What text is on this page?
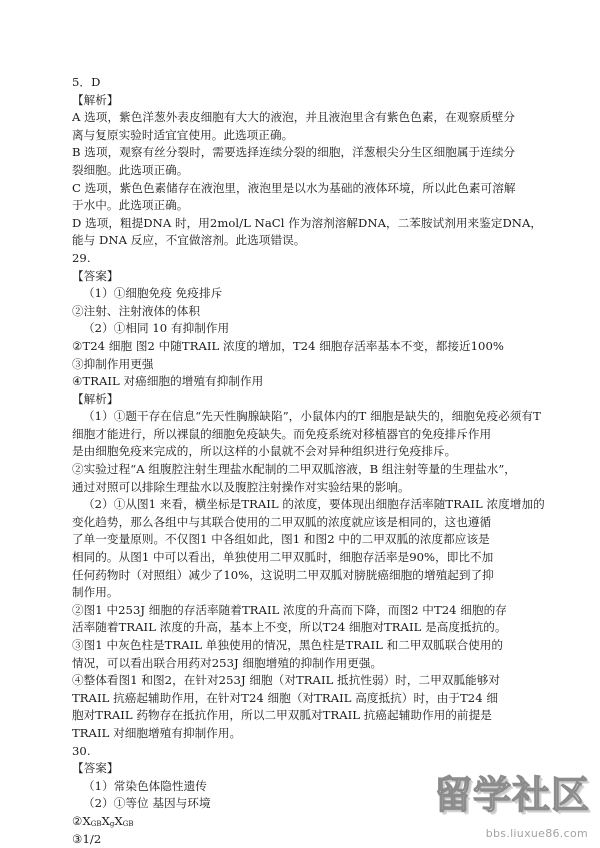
5．D
【解析】
A 选项，紫色洋葱外表皮细胞有大大的液泡，并且液泡里含有紫色色素，在观察质壁分
离与复原实验时适宜宜使用。此选项正确。
B 选项，观察有丝分裂时，需要选择连续分裂的细胞，洋葱根尖分生区细胞属于连续分
裂细胞。此选项正确。
C 选项，紫色色素储存在液泡里，液泡里是以水为基础的液体环境，所以此色素可溶解
于水中。此选项正确。
D 选项，粗提DNA 时，用2mol/L NaCl 作为溶剂溶解DNA，二苯胺试剂用来鉴定DNA，
能与 DNA 反应，不宜做溶剂。此选项错误。
29.
【答案】
（1）①细胞免疫 免疫排斥
②注射、注射液体的体积
（2）①相同 10 有抑制作用
②T24 细胞 图2 中随TRAIL 浓度的增加，T24 细胞存活率基本不变，都接近100%
③抑制作用更强
④TRAIL 对癌细胞的增殖有抑制作用
【解析】
（1）①题干存在信息“先天性胸腺缺陷”，小鼠体内的T 细胞是缺失的，细胞免疫必须有T
细胞才能进行，所以裸鼠的细胞免疫缺失。而免疫系统对移植器官的免疫排斥作用
是由细胞免疫来完成的，所以这样的小鼠就不会对异种组织进行免疫排斥。
②实验过程“A 组腹腔注射生理盐水配制的二甲双胍溶液，B 组注射等量的生理盐水”，
通过对照可以排除生理盐水以及腹腔注射操作对实验结果的影响。
（2）①从图1 来看，横坐标是TRAIL 的浓度，要体现出细胞存活率随TRAIL 浓度增加的
变化趋势，那么各组中与其联合使用的二甲双胍的浓度就应该是相同的，这也遵循
了单一变量原则。不仅图1 中各组如此，图1 和图2 中的二甲双胍的浓度都应该是
相同的。从图1 中可以看出，单独使用二甲双胍时，细胞存活率是90%，即比不加
任何药物时（对照组）减少了10%，这说明二甲双胍对膀胱癌细胞的增殖起到了抑
制作用。
②图1 中253J 细胞的存活率随着TRAIL 浓度的升高而下降，而图2 中T24 细胞的存
活率随着TRAIL 浓度的升高，基本上不变，所以T24 细胞对TRAIL 是高度抵抗的。
③图1 中灰色柱是TRAIL 单独使用的情况，黑色柱是TRAIL 和二甲双胍联合使用的
情况，可以看出联合用药对253J 细胞增殖的抑制作用更强。
④整体看图1 和图2，在针对253J 细胞（对TRAIL 抵抗性弱）时，二甲双胍能够对
TRAIL 抗癌起辅助作用，在针对T24 细胞（对TRAIL 高度抵抗）时，由于T24 细
胞对TRAIL 药物存在抵抗作用，所以二甲双胍对TRAIL 抗癌起辅助作用的前提是
TRAIL 对细胞增殖有抑制作用。
30.
【答案】
（1）常染色体隐性遗传
（2）①等位 基因与环境
$②X_{GB}X_gX_{GB}$
③1/2
留学社区
bbs.liuxue86.com
